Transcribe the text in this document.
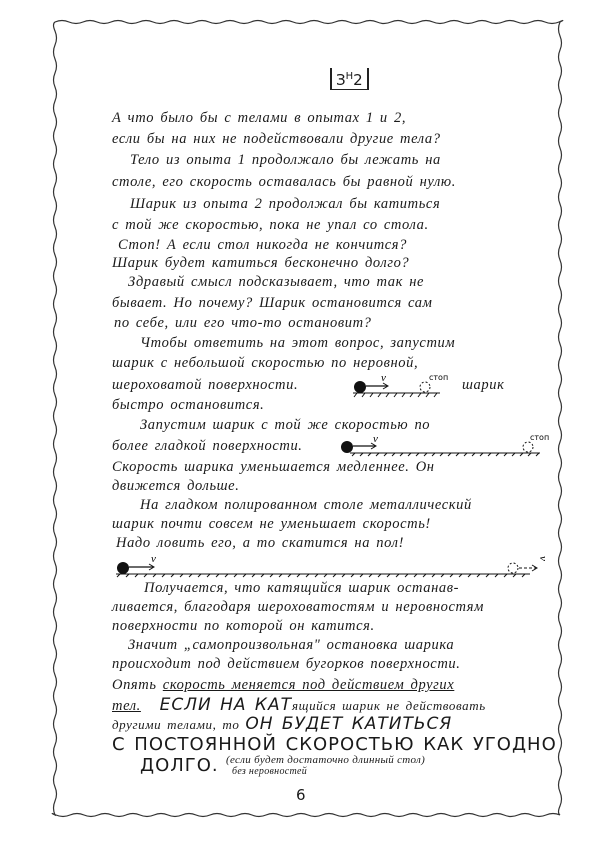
$З^Н2$
А что было бы с телами в опытах 1 и 2,
если бы на них не подействовали другие тела?
Тело из опыта 1 продолжало бы лежать на
столе, его скорость оставалась бы равной нулю.
Шарик из опыта 2 продолжал бы катиться
с той же скоростью, пока не упал со стола.
Стоп! А если стол никогда не кончится?
Шарик будет катиться бесконечно долго?
Здравый смысл подсказывает, что так не
бывает. Но почему? Шарик остановится сам
по себе, или его что-то остановит?
Чтобы ответить на этот вопрос, запустим
шарик с небольшой скоростью по неровной,
шероховатой поверхности.	шарик
быстро остановится.
Запустим шарик с той же скоростью по
более гладкой поверхности.
Скорость шарика уменьшается медленнее. Он
движется дольше.
На гладком полированном столе металлический
шарик почти совсем не уменьшает скорость!
Надо ловить его, а то скатится на пол!
Получается, что катящийся шарик останав-
ливается, благодаря шероховатостям и неровностям
поверхности по которой он катится.
Значит „самопроизвольная" остановка шарика
происходит под действием бугорков поверхности.
v⃗	стоп
v⃗	стоп
v⃗	v⃗
Опять скорость меняется под действием других
тел. ЕСЛИ НА КАТящийся шарик не действовать
другими телами, то ОН БУДЕТ КАТИТЬСЯ
С ПОСТОЯННОЙ СКОРОСТЬЮ КАК УГОДНО
ДОЛГО. (если будет достаточно длинный стол)
без неровностей
6
